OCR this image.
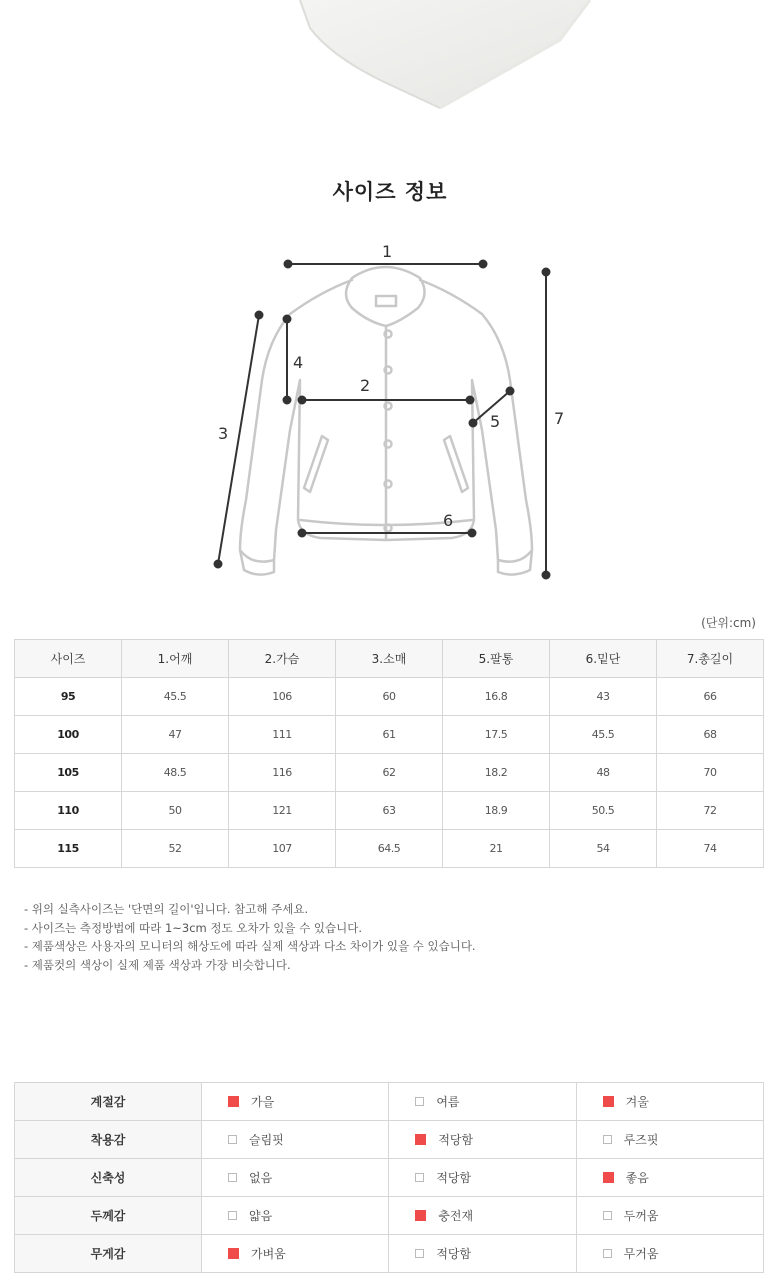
사이즈 정보
1
2
3
4
5
6
7
(단위:cm)
사이즈	1.어깨	2.가슴	3.소매	5.팔통	6.밑단	7.총길이
95	45.5	106	60	16.8	43	66
100	47	111	61	17.5	45.5	68
105	48.5	116	62	18.2	48	70
110	50	121	63	18.9	50.5	72
115	52	107	64.5	21	54	74

- 위의 실측사이즈는 '단면의 길이'입니다. 참고해 주세요.

- 사이즈는 측정방법에 따라 1~3cm 정도 오차가 있을 수 있습니다.

- 제품색상은 사용자의 모니터의 해상도에 따라 실제 색상과 다소 차이가 있을 수 있습니다.

- 제품컷의 색상이 실제 제품 색상과 가장 비슷합니다.

계절감	가을	여름	겨울

착용감	슬림핏	적당함	루즈핏

신축성	없음	적당함	좋음

두께감	얇음	충전재	두꺼움

무게감	가벼움	적당함	무거움
